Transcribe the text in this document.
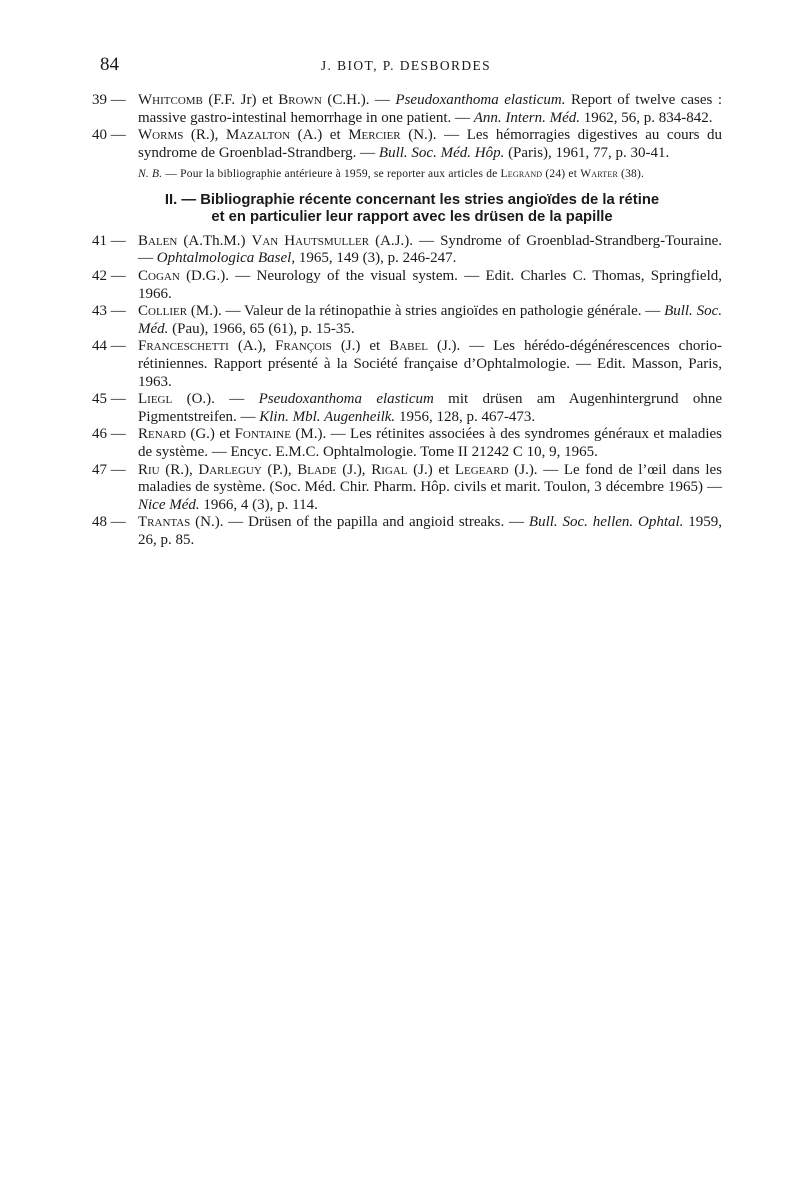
84	J. BIOT, P. DESBORDES
39 — Whitcomb (F.F. Jr) et Brown (C.H.). — Pseudoxanthoma elasticum. Report of twelve cases : massive gastro-intestinal hemorrhage in one patient. — Ann. Intern. Méd. 1962, 56, p. 834-842.
40 — Worms (R.), Mazalton (A.) et Mercier (N.). — Les hémorragies digestives au cours du syndrome de Groenblad-Strandberg. — Bull. Soc. Méd. Hôp. (Paris), 1961, 77, p. 30-41.
N. B. — Pour la bibliographie antérieure à 1959, se reporter aux articles de Legrand (24) et Warter (38).
II. — Bibliographie récente concernant les stries angioïdes de la rétine
et en particulier leur rapport avec les drüsen de la papille
41 — Balen (A.Th.M.) Van Hautsmuller (A.J.). — Syndrome of Groenblad-Strandberg-Touraine. — Ophtalmologica Basel, 1965, 149 (3), p. 246-247.
42 — Cogan (D.G.). — Neurology of the visual system. — Edit. Charles C. Thomas, Springfield, 1966.
43 — Collier (M.). — Valeur de la rétinopathie à stries angioïdes en pathologie générale. — Bull. Soc. Méd. (Pau), 1966, 65 (61), p. 15-35.
44 — Franceschetti (A.), François (J.) et Babel (J.). — Les hérédo-dégénérescences chorio-rétiniennes. Rapport présenté à la Société française d’Ophtalmologie. — Edit. Masson, Paris, 1963.
45 — Liegl (O.). — Pseudoxanthoma elasticum mit drüsen am Augenhintergrund ohne Pigmentstreifen. — Klin. Mbl. Augenheilk. 1956, 128, p. 467-473.
46 — Renard (G.) et Fontaine (M.). — Les rétinites associées à des syndromes généraux et maladies de système. — Encyc. E.M.C. Ophtalmologie. Tome II 21242 C 10, 9, 1965.
47 — Riu (R.), Darleguy (P.), Blade (J.), Rigal (J.) et Legeard (J.). — Le fond de l’œil dans les maladies de système. (Soc. Méd. Chir. Pharm. Hôp. civils et marit. Toulon, 3 décembre 1965) — Nice Méd. 1966, 4 (3), p. 114.
48 — Trantas (N.). — Drüsen of the papilla and angioid streaks. — Bull. Soc. hellen. Ophtal. 1959, 26, p. 85.
